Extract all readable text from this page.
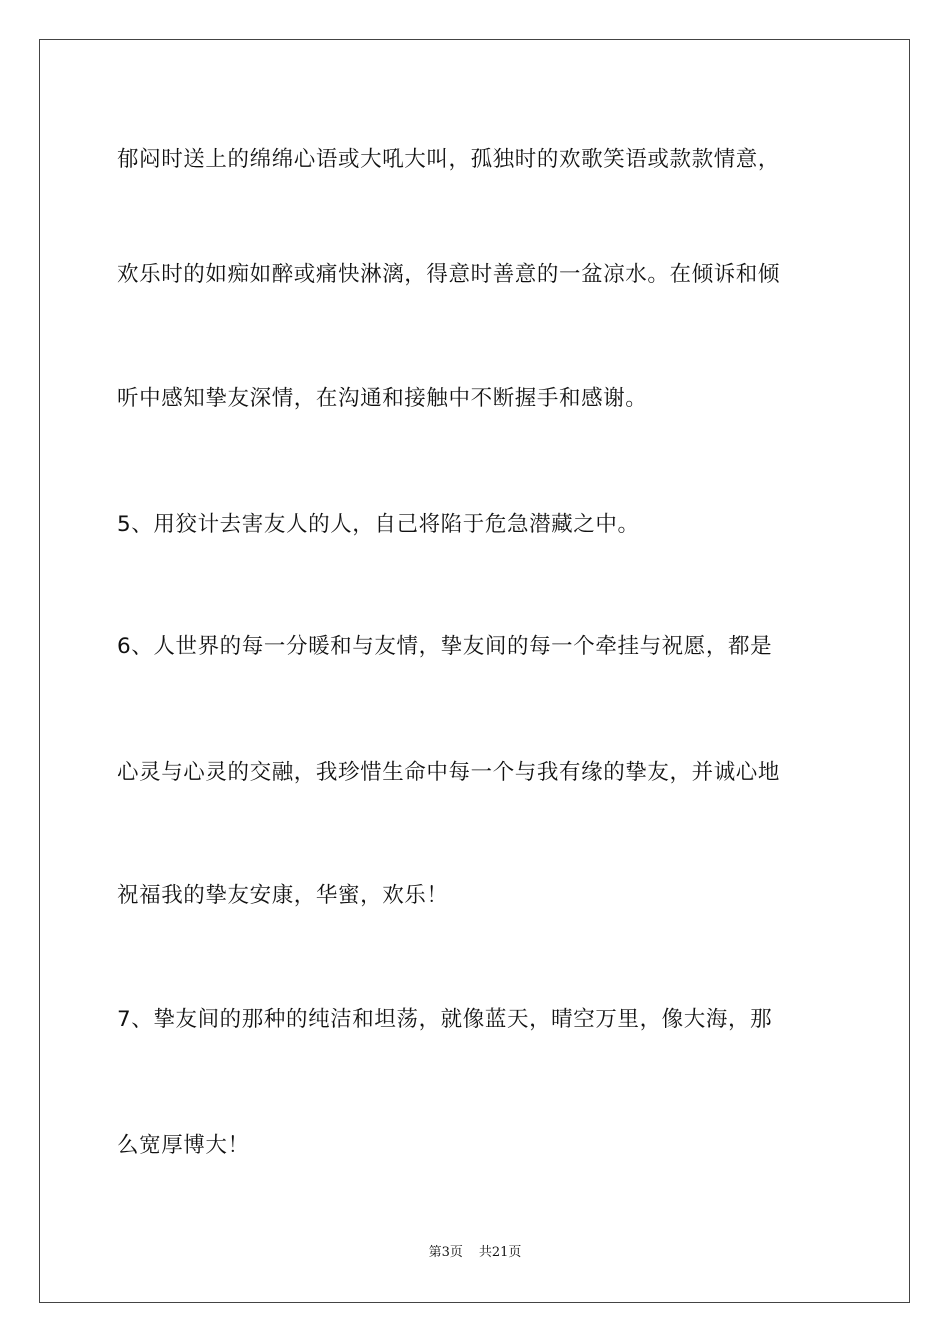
郁闷时送上的绵绵心语或大吼大叫，孤独时的欢歌笑语或款款情意，
欢乐时的如痴如醉或痛快淋漓，得意时善意的一盆凉水。在倾诉和倾
听中感知挚友深情，在沟通和接触中不断握手和感谢。
5、用狡计去害友人的人，自己将陷于危急潜藏之中。
6、人世界的每一分暖和与友情，挚友间的每一个牵挂与祝愿，都是
心灵与心灵的交融，我珍惜生命中每一个与我有缘的挚友，并诚心地
祝福我的挚友安康，华蜜，欢乐！
7、挚友间的那种的纯洁和坦荡，就像蓝天，晴空万里，像大海，那
么宽厚博大！
第3页 共21页
